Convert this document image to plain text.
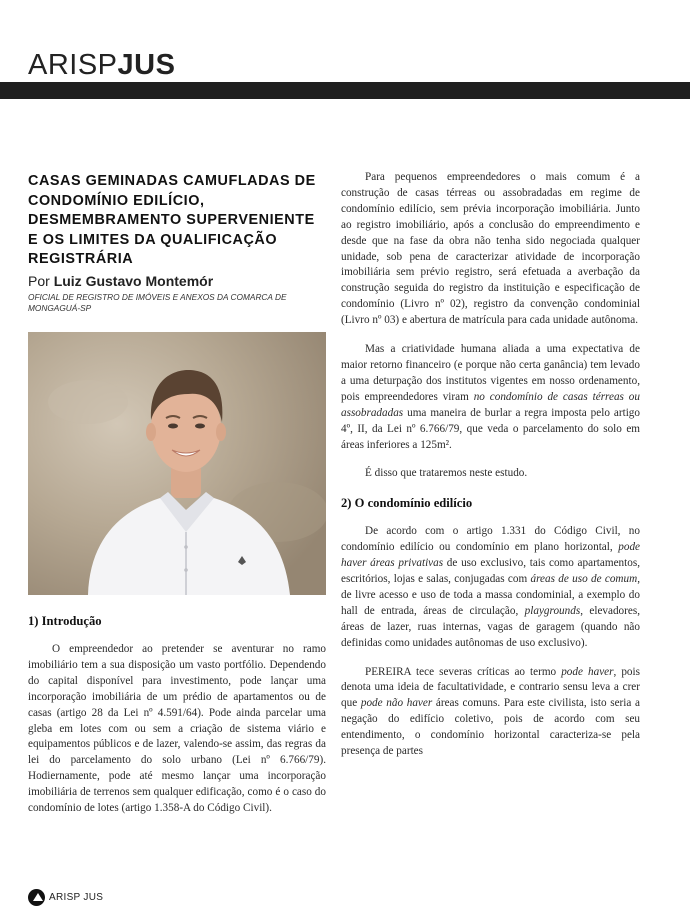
ARISPJUS
CASAS GEMINADAS CAMUFLADAS DE CONDOMÍNIO EDILÍCIO, DESMEMBRAMENTO SUPERVENIENTE E OS LIMITES DA QUALIFICAÇÃO REGISTRÁRIA
Por Luiz Gustavo Montemór
OFICIAL DE REGISTRO DE IMÓVEIS E ANEXOS DA COMARCA DE MONGAGUÁ-SP
1) Introdução

O empreendedor ao pretender se aventurar no ramo imobiliário tem a sua disposição um vasto portfólio. Dependendo do capital disponível para investimento, pode lançar uma incorporação imobiliária de um prédio de apartamentos ou de casas (artigo 28 da Lei nº 4.591/64). Pode ainda parcelar uma gleba em lotes com ou sem a criação de sistema viário e equipamentos públicos e de lazer, valendo-se assim, das regras da lei do parcelamento do solo urbano (Lei nº 6.766/79). Hodiernamente, pode até mesmo lançar uma incorporação imobiliária de terrenos sem qualquer edificação, como é o caso do condomínio de lotes (artigo 1.358-A do Código Civil).

Para pequenos empreendedores o mais comum é a construção de casas térreas ou assobradadas em regime de condomínio edilício, sem prévia incorporação imobiliária. Junto ao registro imobiliário, após a conclusão do empreendimento e desde que na fase da obra não tenha sido negociada qualquer unidade, sob pena de caracterizar atividade de incorporação imobiliária sem prévio registro, será efetuada a averbação da construção seguida do registro da instituição e especificação de condomínio (Livro nº 02), registro da convenção condominial (Livro nº 03) e abertura de matrícula para cada unidade autônoma.

Mas a criatividade humana aliada a uma expectativa de maior retorno financeiro (e porque não certa ganância) tem levado a uma deturpação dos institutos vigentes em nosso ordenamento, pois empreendedores viram no condomínio de casas térreas ou assobradadas uma maneira de burlar a regra imposta pelo artigo 4º, II, da Lei nº 6.766/79, que veda o parcelamento do solo em áreas inferiores a 125m².

É disso que trataremos neste estudo.

2) O condomínio edilício

De acordo com o artigo 1.331 do Código Civil, no condomínio edilício ou condomínio em plano horizontal, pode haver áreas privativas de uso exclusivo, tais como apartamentos, escritórios, lojas e salas, conjugadas com áreas de uso de comum, de livre acesso e uso de toda a massa condominial, a exemplo do hall de entrada, áreas de circulação, playgrounds, elevadores, áreas de lazer, ruas internas, vagas de garagem (quando não definidas como unidades autônomas de uso exclusivo).

PEREIRA tece severas críticas ao termo pode haver, pois denota uma ideia de facultatividade, e contrario sensu leva a crer que pode não haver áreas comuns. Para este civilista, isto seria a negação do edifício coletivo, pois de acordo com seu entendimento, o condomínio horizontal caracteriza-se pela presença de partes

ARISP JUS
